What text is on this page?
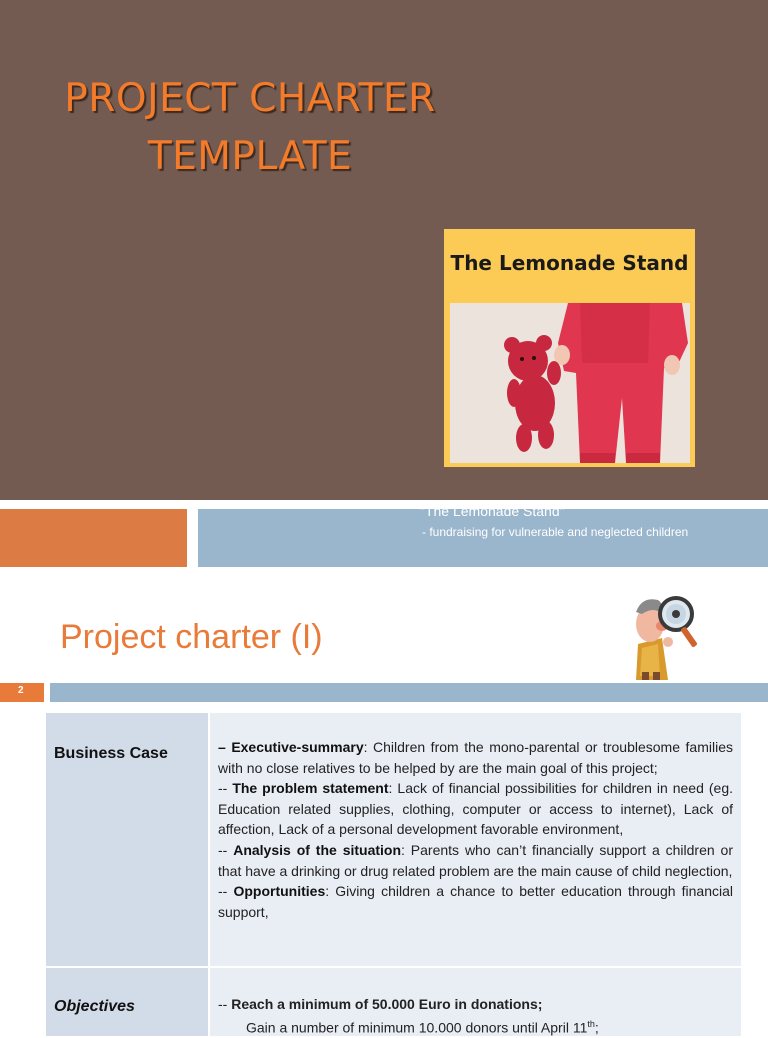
PROJECT CHARTER
TEMPLATE
The Lemonade Stand
"The Lemonade Stand"
- fundraising for vulnerable and neglected children
Project charter (I)
2
Business Case	– Executive-summary: Children from the mono-parental or troublesome families with no close relatives to be helped by are the main goal of this project;

-- The problem statement: Lack of financial possibilities for children in need (eg. Education related supplies, clothing, computer or access to internet), Lack of affection, Lack of a personal development favorable environment,

-- Analysis of the situation: Parents who can’t financially support a children or that have a drinking or drug related problem are the main cause of child neglection,

-- Opportunities: Giving children a chance to better education through financial support,

Objectives	-- Reach a minimum of 50.000 Euro in donations;

Gain a number of minimum 10.000 donors until April 11th;
